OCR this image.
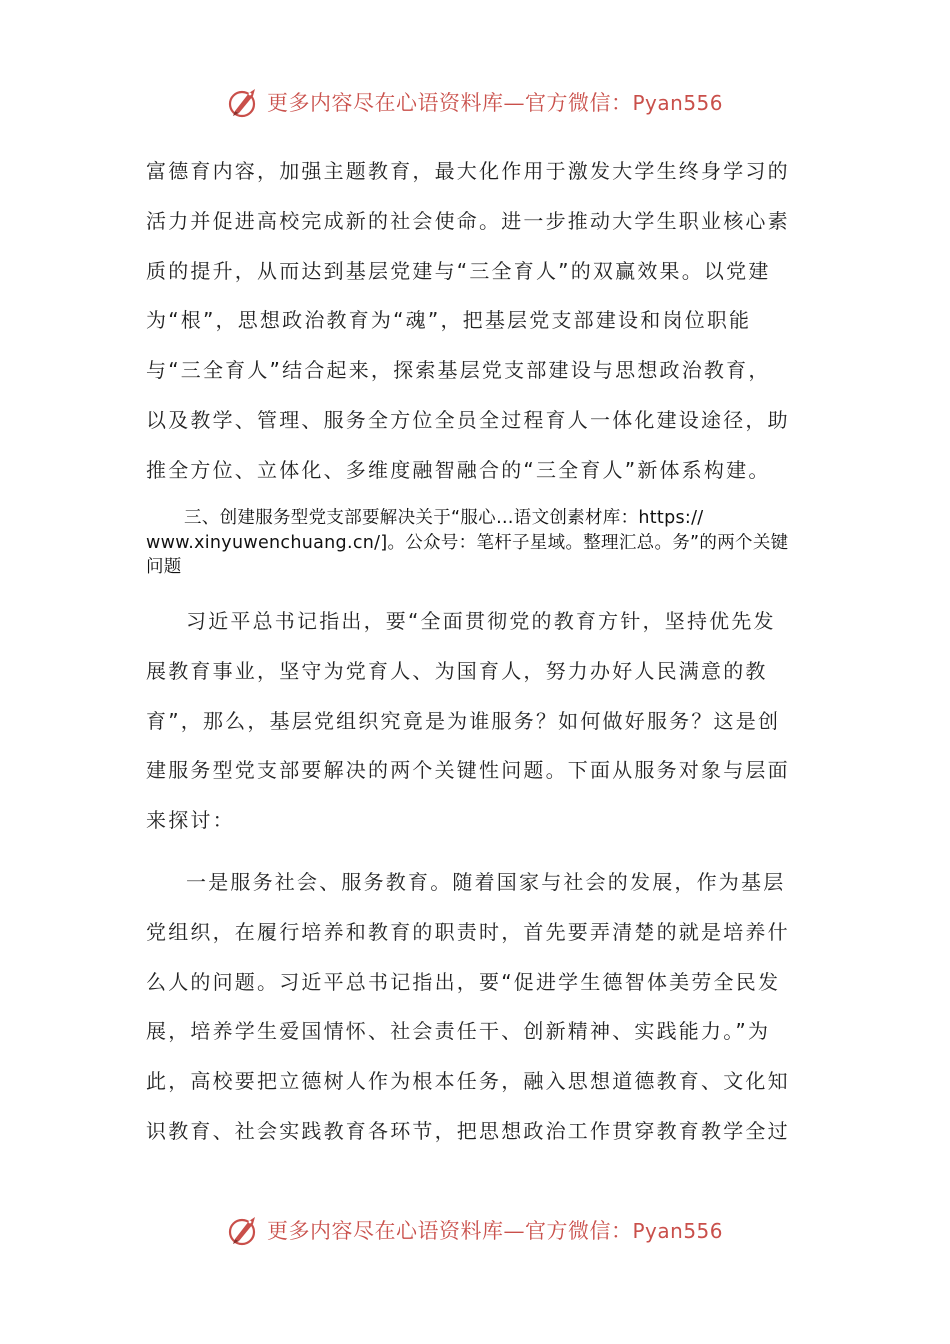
更多内容尽在心语资料库—官方微信：Pyan556
富德育内容，加强主题教育，最大化作用于激发大学生终身学习的
活力并促进高校完成新的社会使命。进一步推动大学生职业核心素
质的提升，从而达到基层党建与“三全育人”的双赢效果。以党建
为“根”，思想政治教育为“魂”，把基层党支部建设和岗位职能
与“三全育人”结合起来，探索基层党支部建设与思想政治教育，
以及教学、管理、服务全方位全员全过程育人一体化建设途径，助
推全方位、立体化、多维度融智融合的“三全育人”新体系构建。
三、创建服务型党支部要解决关于“服心…语文创素材库：https://
www.xinyuwenchuang.cn/]。公众号：笔杆子星域。整理汇总。务”的两个关键
问题
习近平总书记指出，要“全面贯彻党的教育方针，坚持优先发
展教育事业，坚守为党育人、为国育人，努力办好人民满意的教
育”，那么，基层党组织究竟是为谁服务？如何做好服务？这是创
建服务型党支部要解决的两个关键性问题。下面从服务对象与层面
来探讨：
一是服务社会、服务教育。随着国家与社会的发展，作为基层
党组织，在履行培养和教育的职责时，首先要弄清楚的就是培养什
么人的问题。习近平总书记指出，要“促进学生德智体美劳全民发
展，培养学生爱国情怀、社会责任干、创新精神、实践能力。”为
此，高校要把立德树人作为根本任务，融入思想道德教育、文化知
识教育、社会实践教育各环节，把思想政治工作贯穿教育教学全过
更多内容尽在心语资料库—官方微信：Pyan556
